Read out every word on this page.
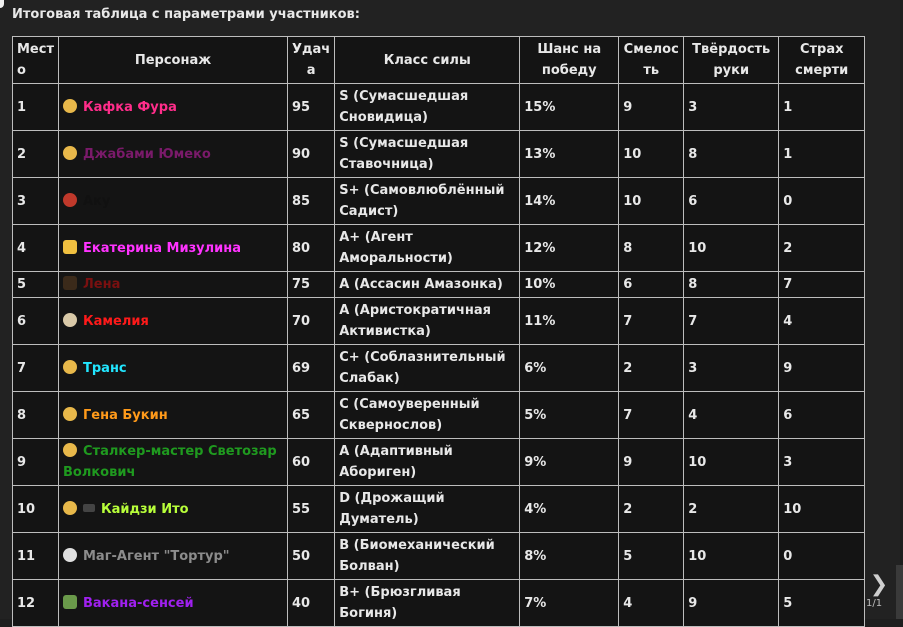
Итоговая таблица с параметрами участников:
Мест о	Персонаж	Удач а	Класс силы	Шанс на победу	Смелос ть	Твёрдость руки	Страх смерти
1	Кафка Фура	95	S (Сумасшедшая Сновидица)	15%	9	3	1
2	Джабами Юмеко	90	S (Сумасшедшая Ставочница)	13%	10	8	1
3	Аку	85	S+ (Самовлюблённый Садист)	14%	10	6	0
4	Екатерина Мизулина	80	A+ (Агент Аморальности)	12%	8	10	2
5	Лена	75	A (Ассасин Амазонка)	10%	6	8	7
6	Камелия	70	A (Аристократичная Активистка)	11%	7	7	4
7	Транс	69	C+ (Соблазнительный Слабак)	6%	2	3	9
8	Гена Букин	65	C (Самоуверенный Сквернослов)	5%	7	4	6
9	Сталкер-мастер Светозар Волкович	60	A (Адаптивный Абориген)	9%	9	10	3
10	Кайдзи Ито	55	D (Дрожащий Думатель)	4%	2	2	10
11	Маг-Агент "Тортур"	50	B (Биомеханический Болван)	8%	5	10	0
12	Вакана-сенсей	40	B+ (Брюзгливая Богиня)	7%	4	9	5
❯
1/1
